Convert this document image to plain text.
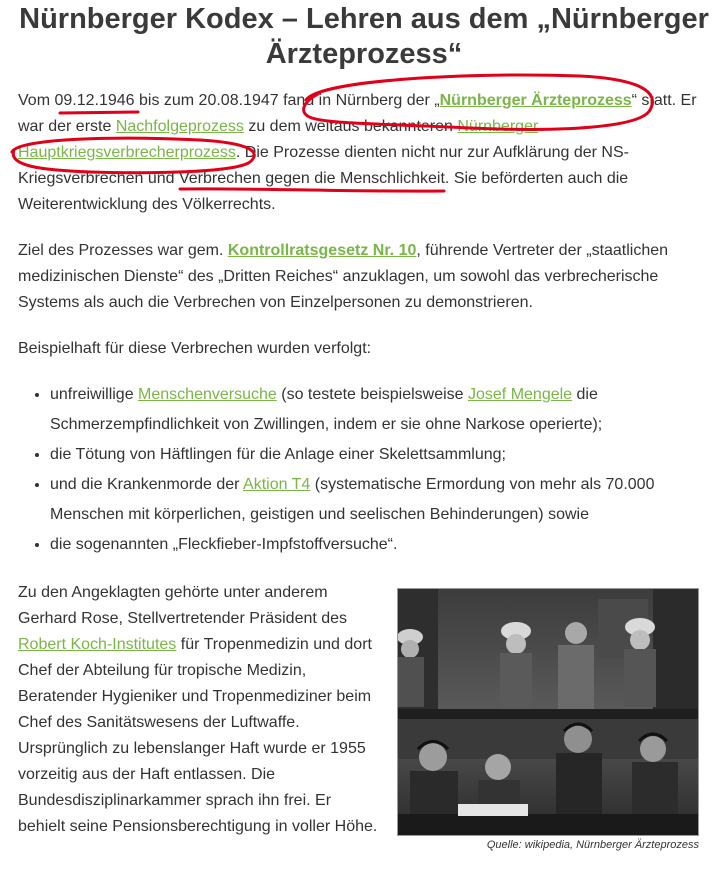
Nürnberger Kodex – Lehren aus dem „Nürnberger Ärzteprozess“

Vom 09.12.1946 bis zum 20.08.1947 fand in Nürnberg der „Nürnberger Ärzteprozess“ statt. Er war der erste Nachfolgeprozess zu dem weitaus bekannteren Nürnberger Hauptkriegsverbrecherprozess. Die Prozesse dienten nicht nur zur Aufklärung der NS-Kriegsverbrechen und Verbrechen gegen die Menschlichkeit. Sie beförderten auch die Weiterentwicklung des Völkerrechts.

Ziel des Prozesses war gem. Kontrollratsgesetz Nr. 10, führende Vertreter der „staatlichen medizinischen Dienste“ des „Dritten Reiches“ anzuklagen, um sowohl das verbrecherische Systems als auch die Verbrechen von Einzelpersonen zu demonstrieren.

Beispielhaft für diese Verbrechen wurden verfolgt:

• unfreiwillige Menschenversuche (so testete beispielsweise Josef Mengele die Schmerzempfindlichkeit von Zwillingen, indem er sie ohne Narkose operierte);
• die Tötung von Häftlingen für die Anlage einer Skelettsammlung;
• und die Krankenmorde der Aktion T4 (systematische Ermordung von mehr als 70.000 Menschen mit körperlichen, geistigen und seelischen Behinderungen) sowie
• die sogenannten „Fleckfieber-Impfstoffversuche“.

Zu den Angeklagten gehörte unter anderem Gerhard Rose, Stellvertretender Präsident des Robert Koch-Institutes für Tropenmedizin und dort Chef der Abteilung für tropische Medizin, Beratender Hygieniker und Tropenmediziner beim Chef des Sanitätswesens der Luftwaffe. Ursprünglich zu lebenslanger Haft wurde er 1955 vorzeitig aus der Haft entlassen. Die Bundesdisziplinarkammer sprach ihn frei. Er behielt seine Pensionsberechtigung in voller Höhe.

Quelle: wikipedia, Nürnberger Ärzteprozess
